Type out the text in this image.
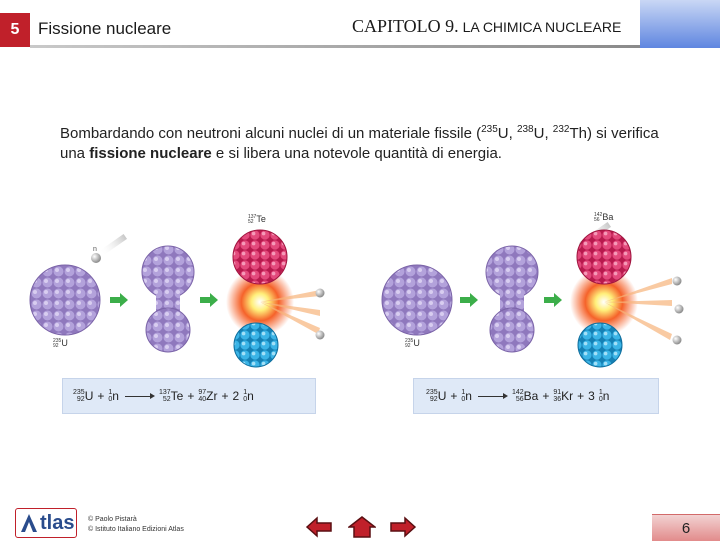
5 Fissione nucleare	CAPITOLO 9. LA CHIMICA NUCLEARE
Bombardando con neutroni alcuni nuclei di un materiale fissile ($^{235}$U, $^{238}$U, $^{232}$Th) si verifica una fissione nucleare e si libera una notevole quantità di energia.
n
235
92 U
137
52 Te
235
92 U + 1
0 n	137
52 Te + 97
40 Zr + 2 1
0 n
235
92 U
142
56 Ba
235
92 U + 1
0 n	142
56 Ba + 91
36 Kr + 3 1
0 n
tlas © Paolo Pistarà
© Istituto Italiano Edizioni Atlas	6
